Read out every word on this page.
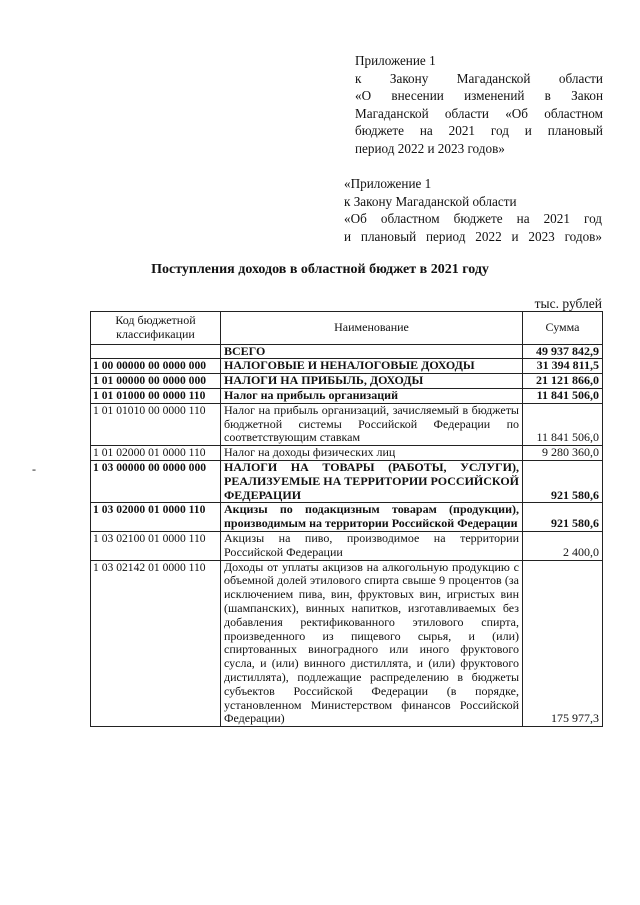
Приложение 1
к Закону Магаданской области
«О внесении изменений в Закон
Магаданской области «Об областном
бюджете на 2021 год и плановый
период 2022 и 2023 годов»
«Приложение 1
к Закону Магаданской области
«Об областном бюджете на 2021 год
и плановый период 2022 и 2023 годов»
Поступления доходов в областной бюджет в 2021 году
тыс. рублей
-
Код бюджетной классификации	Наименование	Сумма
	ВСЕГО	49 937 842,9
1 00 00000 00 0000 000	НАЛОГОВЫЕ И НЕНАЛОГОВЫЕ ДОХОДЫ	31 394 811,5
1 01 00000 00 0000 000	НАЛОГИ НА ПРИБЫЛЬ, ДОХОДЫ	21 121 866,0
1 01 01000 00 0000 110	Налог на прибыль организаций	11 841 506,0
1 01 01010 00 0000 110	Налог на прибыль организаций, зачисляемый в бюджеты бюджетной системы Российской Федерации по соответствующим ставкам	11 841 506,0
1 01 02000 01 0000 110	Налог на доходы физических лиц	9 280 360,0
1 03 00000 00 0000 000	НАЛОГИ НА ТОВАРЫ (РАБОТЫ, УСЛУГИ), РЕАЛИЗУЕМЫЕ НА ТЕРРИТОРИИ РОССИЙСКОЙ ФЕДЕРАЦИИ	921 580,6
1 03 02000 01 0000 110	Акцизы по подакцизным товарам (продукции), производимым на территории Российской Федерации	921 580,6
1 03 02100 01 0000 110	Акцизы на пиво, производимое на территории Российской Федерации	2 400,0
1 03 02142 01 0000 110	Доходы от уплаты акцизов на алкогольную продукцию с объемной долей этилового спирта свыше 9 процентов (за исключением пива, вин, фруктовых вин, игристых вин (шампанских), винных напитков, изготавливаемых без добавления ректификованного этилового спирта, произведенного из пищевого сырья, и (или) спиртованных виноградного или иного фруктового сусла, и (или) винного дистиллята, и (или) фруктового дистиллята), подлежащие распределению в бюджеты субъектов Российской Федерации (в порядке, установленном Министерством финансов Российской Федерации)	175 977,3
